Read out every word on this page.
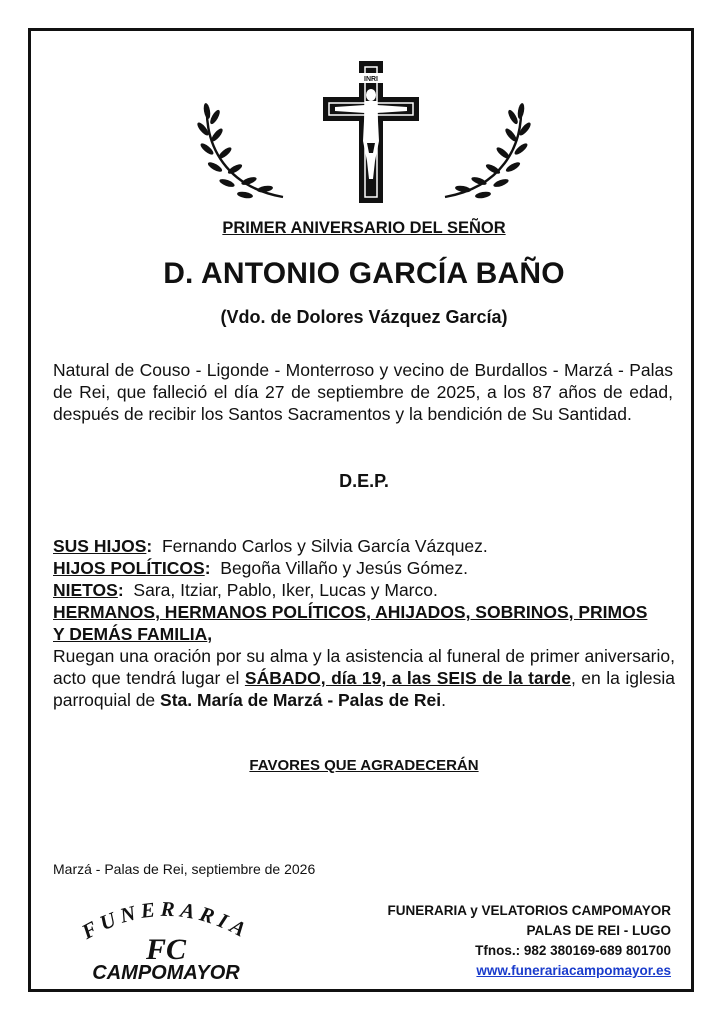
INRI
PRIMER ANIVERSARIO DEL SEÑOR
D. ANTONIO GARCÍA BAÑO
(Vdo. de Dolores Vázquez García)
Natural de Couso - Ligonde - Monterroso y vecino de Burdallos - Marzá - Palas de Rei, que falleció el día 27 de septiembre de 2025, a los 87 años de edad, después de recibir los Santos Sacramentos y la bendición de Su Santidad.
D.E.P.
SUS HIJOS: Fernando Carlos y Silvia García Vázquez.
HIJOS POLÍTICOS: Begoña Villaño y Jesús Gómez.
NIETOS: Sara, Itziar, Pablo, Iker, Lucas y Marco.
HERMANOS, HERMANOS POLÍTICOS, AHIJADOS, SOBRINOS, PRIMOS
Y DEMÁS FAMILIA,
Ruegan una oración por su alma y la asistencia al funeral de primer aniversario, acto que tendrá lugar el SÁBADO, día 19, a las SEIS de la tarde, en la iglesia parroquial de Sta. María de Marzá - Palas de Rei.
FAVORES QUE AGRADECERÁN
Marzá - Palas de Rei, septiembre de 2026
FUNERARIA
FC
CAMPOMAYOR
FUNERARIA y VELATORIOS CAMPOMAYOR
PALAS DE REI - LUGO
Tfnos.: 982 380169-689 801700
www.funerariacampomayor.es
